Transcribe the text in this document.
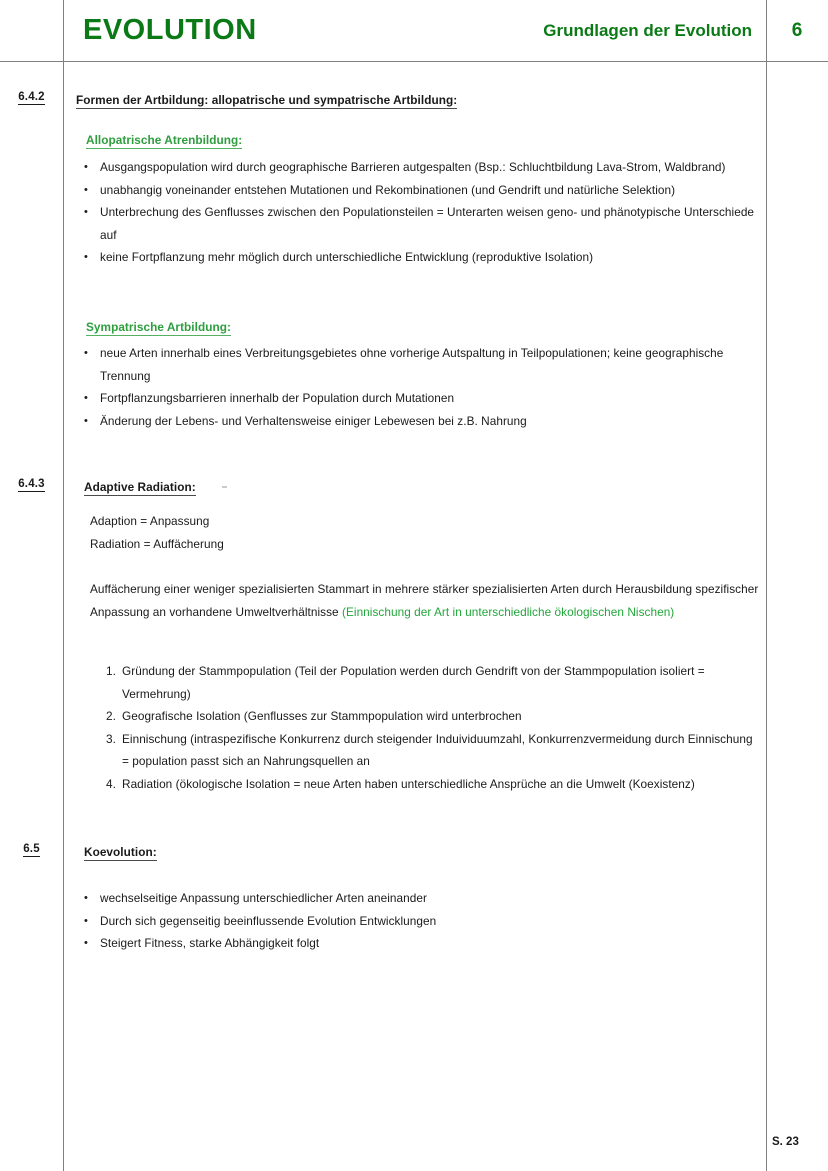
EVOLUTION	Grundlagen der Evolution	6
6.4.2
6.4.3
6.5
Formen der Artbildung: allopatrische und sympatrische Artbildung:
Allopatrische Atrenbildung:
• Ausgangspopulation wird durch geographische Barrieren autgespalten (Bsp.: Schluchtbildung Lava-Strom, Waldbrand)
• unabhangig voneinander entstehen Mutationen und Rekombinationen (und Gendrift und natürliche Selektion)
• Unterbrechung des Genflusses zwischen den Populationsteilen = Unterarten weisen geno- und phänotypische Unterschiede auf
• keine Fortpflanzung mehr möglich durch unterschiedliche Entwicklung (reproduktive Isolation)
Sympatrische Artbildung:
• neue Arten innerhalb eines Verbreitungsgebietes ohne vorherige Autspaltung in Teilpopulationen; keine geographische Trennung
• Fortpflanzungsbarrieren innerhalb der Population durch Mutationen
• Änderung der Lebens- und Verhaltensweise einiger Lebewesen bei z.B. Nahrung
Adaptive Radiation:
Adaption = Anpassung
Radiation = Auffächerung
Auffächerung einer weniger spezialisierten Stammart in mehrere stärker spezialisierten Arten durch Herausbildung spezifischer Anpassung an vorhandene Umweltverhältnisse (Einnischung der Art in unterschiedliche ökologischen Nischen)
1. Gründung der Stammpopulation (Teil der Population werden durch Gendrift von der Stammpopulation isoliert = Vermehrung)
2. Geografische Isolation (Genflusses zur Stammpopulation wird unterbrochen
3. Einnischung (intraspezifische Konkurrenz durch steigender Induividuumzahl, Konkurrenzvermeidung durch Einnischung = population passt sich an Nahrungsquellen an
4. Radiation (ökologische Isolation = neue Arten haben unterschiedliche Ansprüche an die Umwelt (Koexistenz)
Koevolution:
• wechselseitige Anpassung unterschiedlicher Arten aneinander
• Durch sich gegenseitig beeinflussende Evolution Entwicklungen
• Steigert Fitness, starke Abhängigkeit folgt
S. 23
